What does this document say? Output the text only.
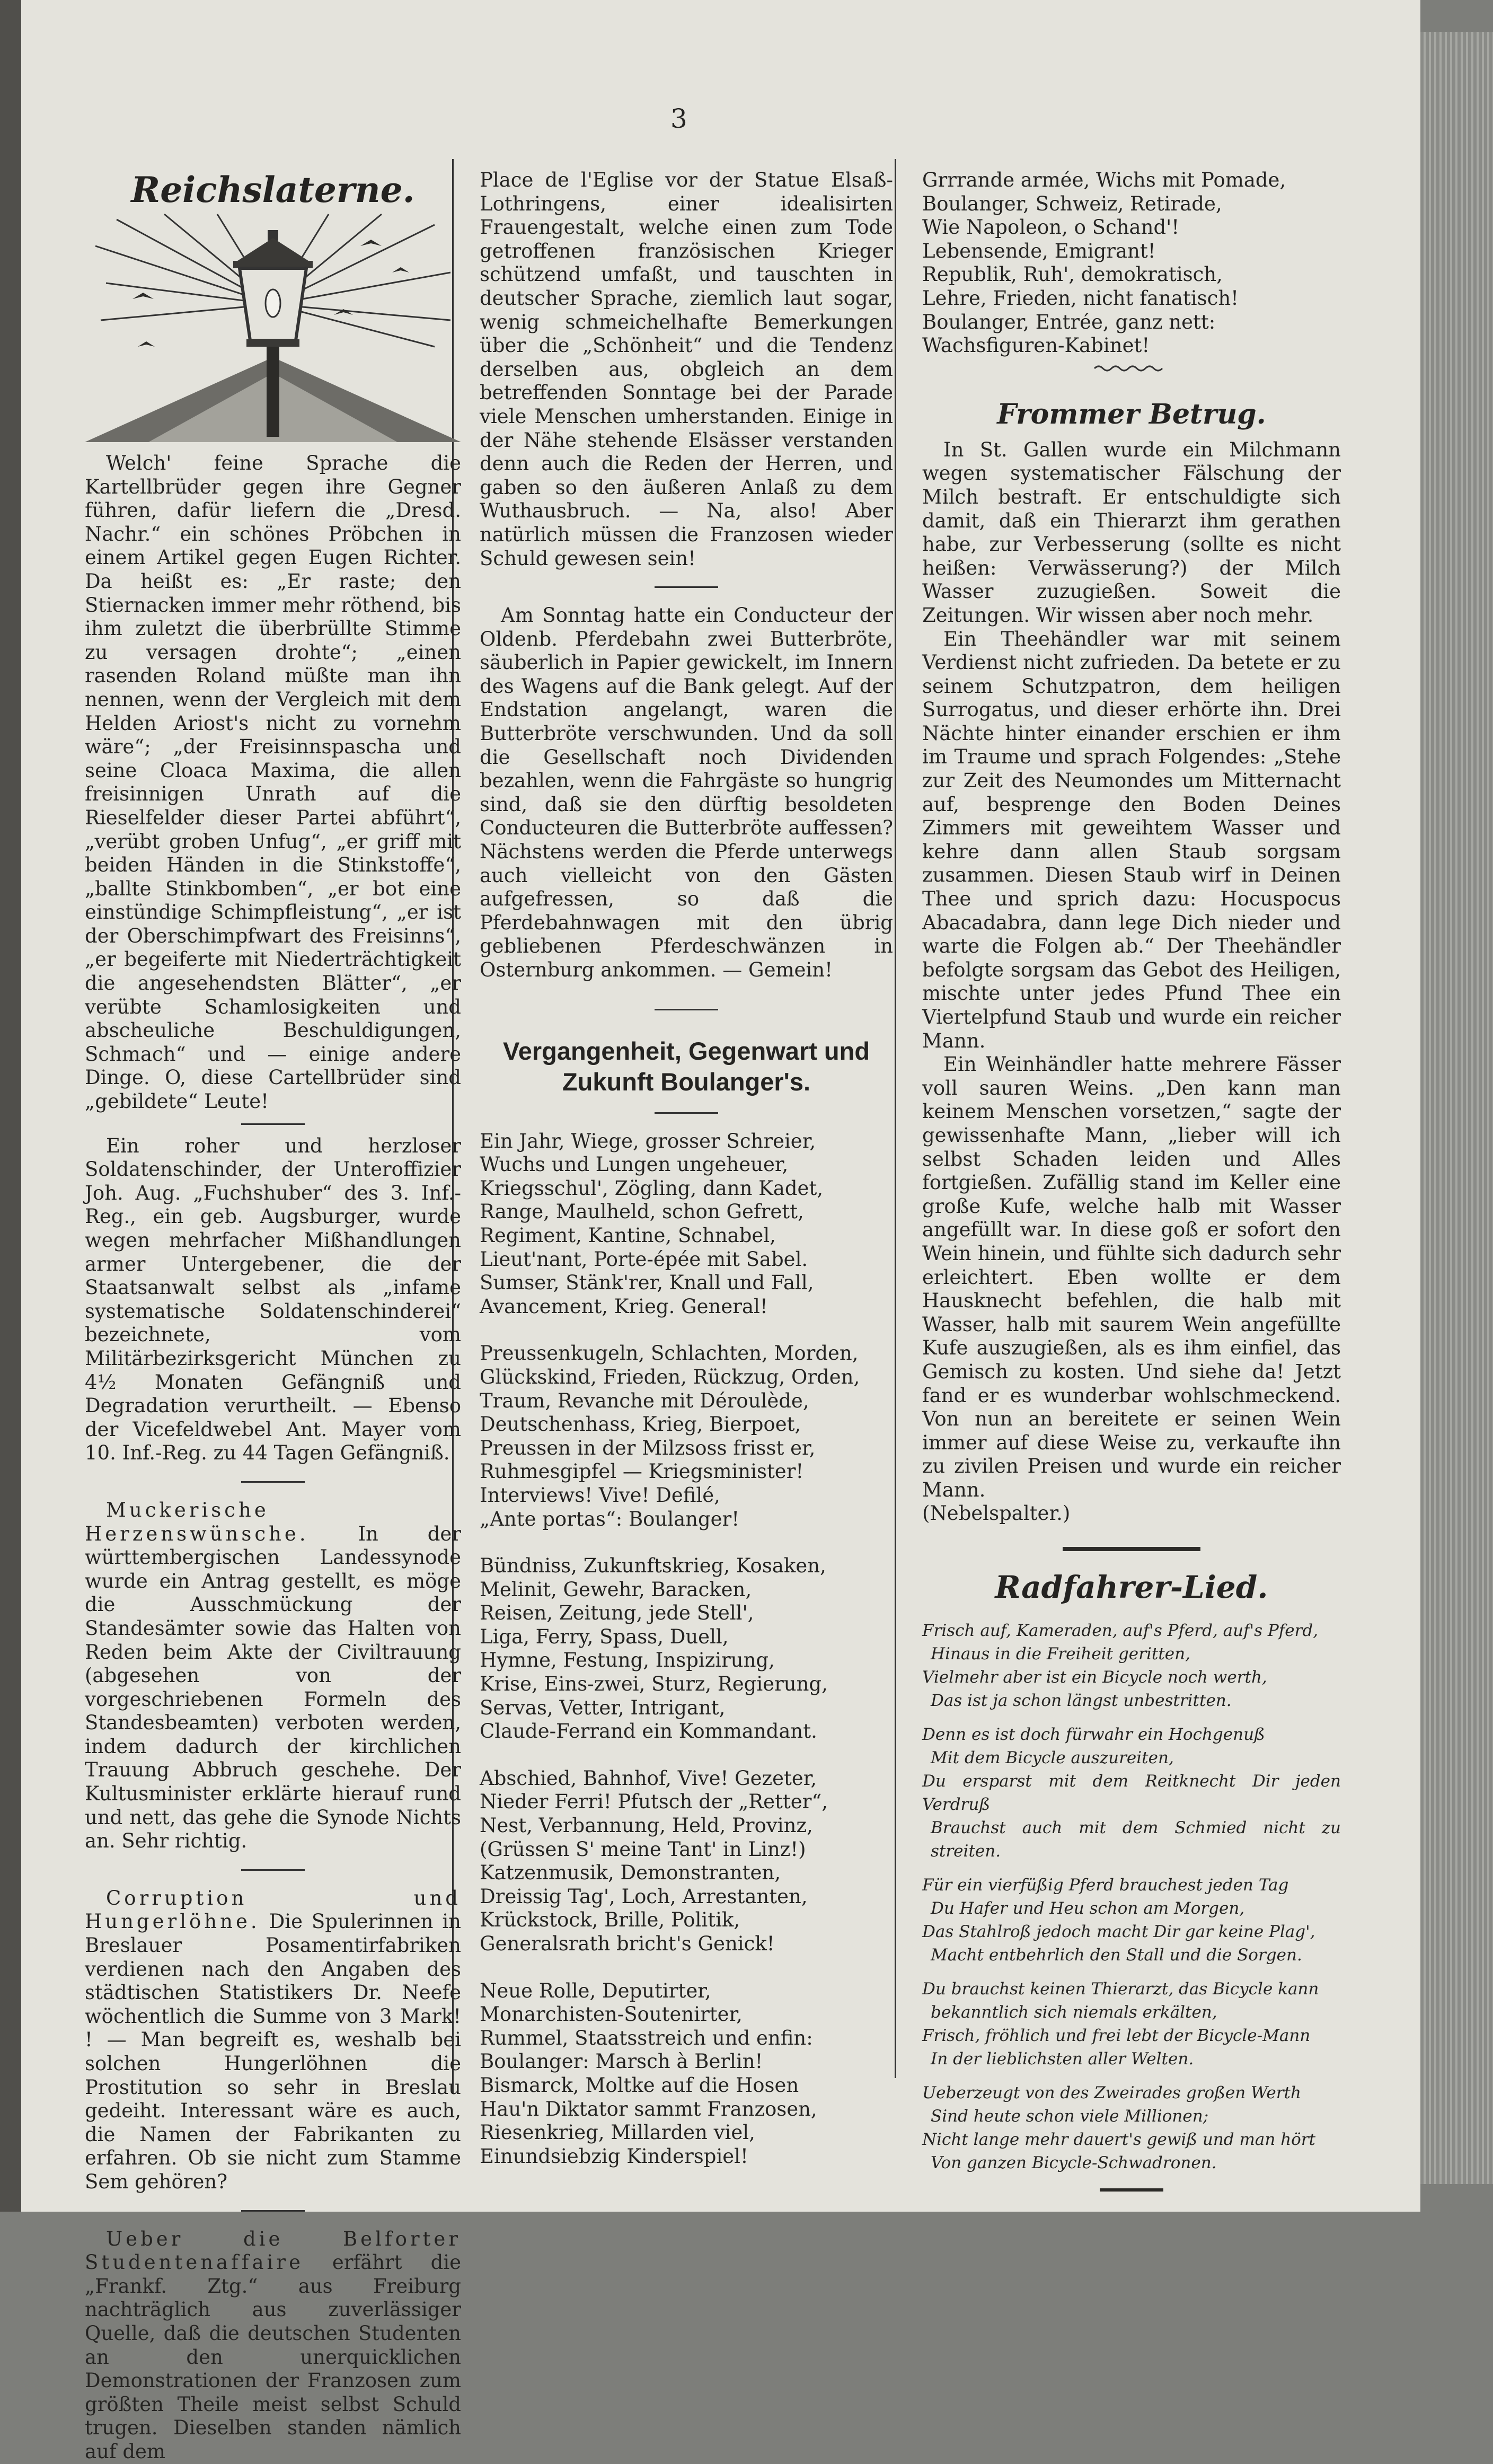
3
Reichslaterne.

Welch' feine Sprache die Kartellbrüder gegen ihre Gegner führen, dafür liefern die „Dresd. Nachr.“ ein schönes Pröbchen in einem Artikel gegen Eugen Richter. Da heißt es: „Er raste; den Stiernacken immer mehr röthend, bis ihm zuletzt die überbrüllte Stimme zu versagen drohte“; „einen rasenden Roland müßte man ihn nennen, wenn der Vergleich mit dem Helden Ariost's nicht zu vornehm wäre“; „der Freisinnspascha und seine Cloaca Maxima, die allen freisinnigen Unrath auf die Rieselfelder dieser Partei abführt“, „verübt groben Unfug“, „er griff mit beiden Händen in die Stinkstoffe“, „ballte Stinkbomben“, „er bot eine einstündige Schimpfleistung“, „er ist der Oberschimpfwart des Freisinns“, „er begeiferte mit Niederträchtigkeit die angesehendsten Blätter“, „er verübte Schamlosigkeiten und abscheuliche Beschuldigungen, Schmach“ und — einige andere Dinge. O, diese Cartellbrüder sind „gebildete“ Leute!

Ein roher und herzloser Soldatenschinder, der Unteroffizier Joh. Aug. „Fuchshuber“ des 3. Inf.-Reg., ein geb. Augsburger, wurde wegen mehrfacher Mißhandlungen armer Untergebener, die der Staatsanwalt selbst als „infame systematische Soldatenschinderei“ bezeichnete, vom Militärbezirksgericht München zu 4½ Monaten Gefängniß und Degradation verurtheilt. — Ebenso der Vicefeldwebel Ant. Mayer vom 10. Inf.-Reg. zu 44 Tagen Gefängniß.

Muckerische Herzenswünsche.	In der württembergischen Landessynode wurde ein Antrag gestellt, es möge die Ausschmückung der Standesämter sowie das Halten von Reden beim Akte der Civiltrauung (abgesehen von der vorgeschriebenen Formeln des Standesbeamten) verboten werden, indem dadurch der kirchlichen Trauung Abbruch geschehe. Der Kultusminister erklärte hierauf rund und nett, das gehe die Synode Nichts an. Sehr richtig.

Corruption und Hungerlöhne. Die Spulerinnen in Breslauer Posamentirfabriken verdienen nach den Angaben des städtischen Statistikers Dr. Neefe wöchentlich die Summe von 3 Mark! ! — Man begreift es, weshalb bei solchen Hungerlöhnen die Prostitution so sehr in Breslau gedeiht. Interessant wäre es auch, die Namen der Fabrikanten zu erfahren. Ob sie nicht zum Stamme Sem gehören?

Ueber die Belforter Studentenaffaire erfährt die „Frankf. Ztg.“ aus Freiburg nachträglich aus zuverlässiger Quelle, daß die deutschen Studenten an den unerquicklichen Demonstrationen der Franzosen zum größten Theile meist selbst Schuld trugen. Dieselben standen nämlich auf dem

Place de l'Eglise vor der Statue Elsaß-Lothringens, einer idealisirten Frauengestalt, welche einen zum Tode getroffenen französischen Krieger schützend umfaßt, und tauschten in deutscher Sprache, ziemlich laut sogar, wenig schmeichelhafte Bemerkungen über die „Schönheit“ und die Tendenz derselben aus, obgleich an dem betreffenden Sonntage bei der Parade viele Menschen umherstanden. Einige in der Nähe stehende Elsässer verstanden denn auch die Reden der Herren, und gaben so den äußeren Anlaß zu dem Wuthausbruch. — Na, also! Aber natürlich müssen die Franzosen wieder Schuld gewesen sein!

Am Sonntag hatte ein Conducteur der Oldenb. Pferdebahn zwei Butterbröte, säuberlich in Papier gewickelt, im Innern des Wagens auf die Bank gelegt. Auf der Endstation angelangt, waren die Butterbröte verschwunden. Und da soll die Gesellschaft noch Dividenden bezahlen, wenn die Fahrgäste so hungrig sind, daß sie den dürftig besoldeten Conducteuren die Butterbröte auffessen? Nächstens werden die Pferde unterwegs auch vielleicht von den Gästen aufgefressen, so daß die Pferdebahnwagen mit den übrig gebliebenen Pferdeschwänzen in Osternburg ankommen. — Gemein!

Vergangenheit, Gegenwart und Zukunft Boulanger's.

Ein Jahr, Wiege, grosser Schreier,

Wuchs und Lungen ungeheuer,

Kriegsschul', Zögling, dann Kadet,

Range, Maulheld, schon Gefrett,

Regiment, Kantine, Schnabel,

Lieut'nant, Porte-épée mit Sabel.

Sumser, Stänk'rer, Knall und Fall,

Avancement, Krieg. General!

Preussenkugeln, Schlachten, Morden,

Glückskind, Frieden, Rückzug, Orden,

Traum, Revanche mit Déroulède,

Deutschenhass, Krieg, Bierpoet,

Preussen in der Milzsoss frisst er,

Ruhmesgipfel — Kriegsminister!

Interviews! Vive! Defilé,

„Ante portas“: Boulanger!

Bündniss, Zukunftskrieg, Kosaken,

Melinit, Gewehr, Baracken,

Reisen, Zeitung, jede Stell',

Liga, Ferry, Spass, Duell,

Hymne, Festung, Inspizirung,

Krise, Eins-zwei, Sturz, Regierung,

Servas, Vetter, Intrigant,

Claude-Ferrand ein Kommandant.

Abschied, Bahnhof, Vive! Gezeter,

Nieder Ferri! Pfutsch der „Retter“,

Nest, Verbannung, Held, Provinz,

(Grüssen S' meine Tant' in Linz!)

Katzenmusik, Demonstranten,

Dreissig Tag', Loch, Arrestanten,

Krückstock, Brille, Politik,

Generalsrath bricht's Genick!

Neue Rolle, Deputirter,

Monarchisten-Soutenirter,

Rummel, Staatsstreich und enfin:

Boulanger: Marsch à Berlin!

Bismarck, Moltke auf die Hosen

Hau'n Diktator sammt Franzosen,

Riesenkrieg, Millarden viel,

Einundsiebzig Kinderspiel!

Grrrande armée, Wichs mit Pomade,

Boulanger, Schweiz, Retirade,

Wie Napoleon, o Schand'!

Lebensende, Emigrant!

Republik, Ruh', demokratisch,

Lehre, Frieden, nicht fanatisch!

Boulanger, Entrée, ganz nett:

Wachsfiguren-Kabinet!

Frommer Betrug.

In St. Gallen wurde ein Milchmann wegen systematischer Fälschung der Milch bestraft. Er entschuldigte sich damit, daß ein Thierarzt ihm gerathen habe, zur Verbesserung (sollte es nicht heißen: Verwässerung?) der Milch Wasser zuzugießen. Soweit die Zeitungen. Wir wissen aber noch mehr.

Ein Theehändler war mit seinem Verdienst nicht zufrieden. Da betete er zu seinem Schutzpatron, dem heiligen Surrogatus, und dieser erhörte ihn. Drei Nächte hinter einander erschien er ihm im Traume und sprach Folgendes: „Stehe zur Zeit des Neumondes um Mitternacht auf, besprenge den Boden Deines Zimmers mit geweihtem Wasser und kehre dann allen Staub sorgsam zusammen. Diesen Staub wirf in Deinen Thee und sprich dazu: Hocuspocus Abacadabra, dann lege Dich nieder und warte die Folgen ab.“ Der Theehändler befolgte sorgsam das Gebot des Heiligen, mischte unter jedes Pfund Thee ein Viertelpfund Staub und wurde ein reicher Mann.

Ein Weinhändler hatte mehrere Fässer voll sauren Weins. „Den kann man keinem Menschen vorsetzen,“ sagte der gewissenhafte Mann, „lieber will ich selbst Schaden leiden und Alles fortgießen. Zufällig stand im Keller eine große Kufe, welche halb mit Wasser angefüllt war. In diese goß er sofort den Wein hinein, und fühlte sich dadurch sehr erleichtert. Eben wollte er dem Hausknecht befehlen, die halb mit Wasser, halb mit saurem Wein angefüllte Kufe auszugießen, als es ihm einfiel, das Gemisch zu kosten. Und siehe da! Jetzt fand er es wunderbar wohlschmeckend. Von nun an bereitete er seinen Wein immer auf diese Weise zu, verkaufte ihn zu zivilen Preisen und wurde ein reicher Mann.

(Nebelspalter.)

Radfahrer-Lied.

Frisch auf, Kameraden, auf's Pferd, auf's Pferd,

Hinaus in die Freiheit geritten,

Vielmehr aber ist ein Bicycle noch werth,

Das ist ja schon längst unbestritten.

Denn es ist doch fürwahr ein Hochgenuß

Mit dem Bicycle auszureiten,

Du ersparst mit dem Reitknecht Dir jeden Verdruß

Brauchst auch mit dem Schmied nicht zu streiten.

Für ein vierfüßig Pferd brauchest jeden Tag

Du Hafer und Heu schon am Morgen,

Das Stahlroß jedoch macht Dir gar keine Plag',

Macht entbehrlich den Stall und die Sorgen.

Du brauchst keinen Thierarzt, das Bicycle kann

bekanntlich sich niemals erkälten,

Frisch, fröhlich und frei lebt der Bicycle-Mann

In der lieblichsten aller Welten.

Ueberzeugt von des Zweirades großen Werth

Sind heute schon viele Millionen;

Nicht lange mehr dauert's gewiß und man hört

Von ganzen Bicycle-Schwadronen.
